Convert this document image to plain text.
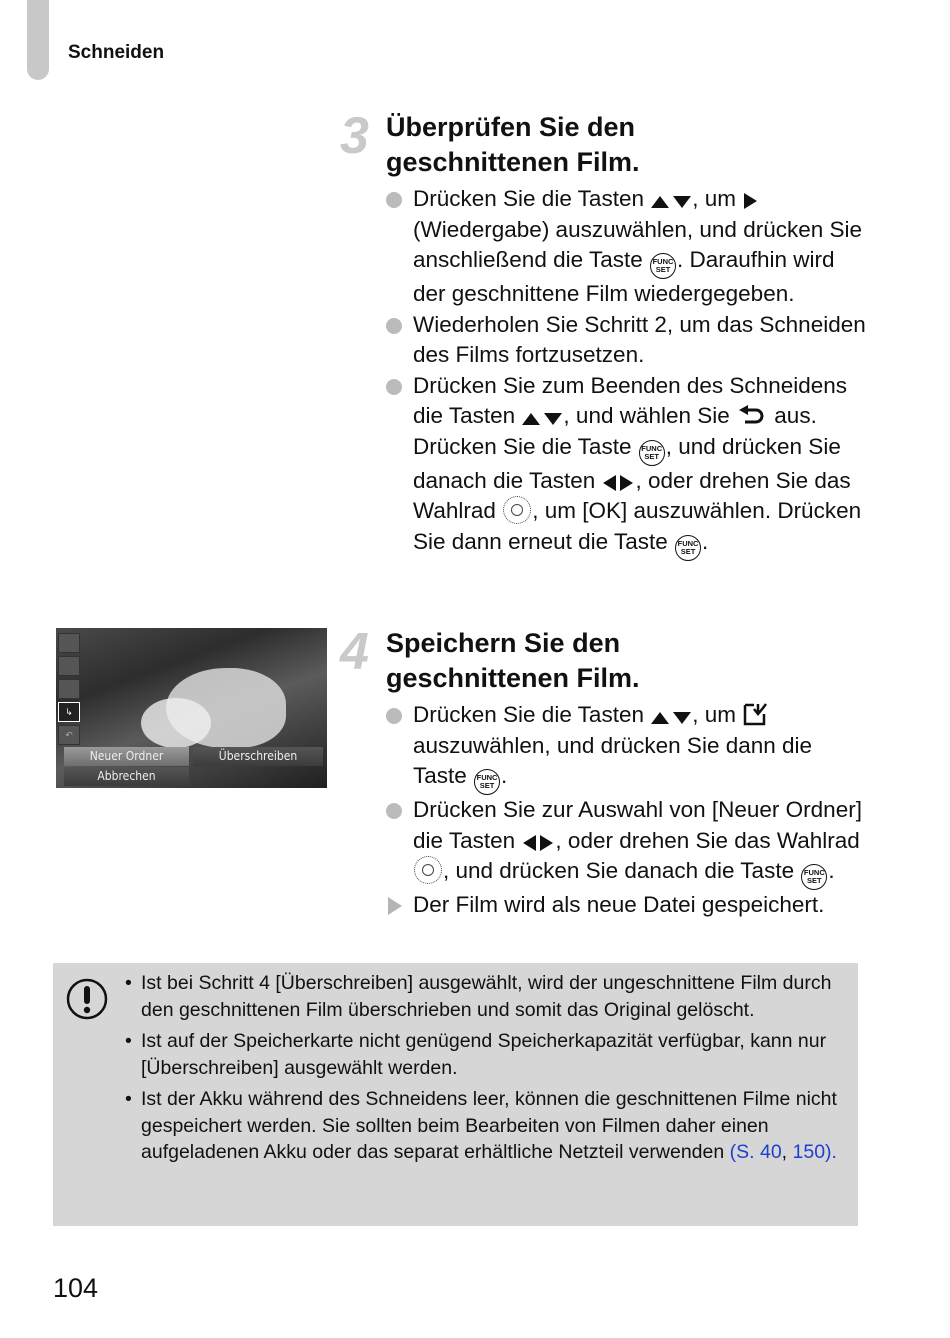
Schneiden
3 Überprüfen Sie den
geschnittenen Film.
Drücken Sie die Tasten , um (Wiedergabe) auszuwählen, und drücken Sie anschließend die Taste FUNC
SET . Daraufhin wird der geschnittene Film wiedergegeben.
Wiederholen Sie Schritt 2, um das Schneiden des Films fortzusetzen.
Drücken Sie zum Beenden des Schneidens die Tasten , und wählen Sie  aus. Drücken Sie die Taste FUNC
SET , und drücken Sie danach die Tasten , oder drehen Sie das Wahlrad , um [OK] auszuwählen. Drücken Sie dann erneut die Taste FUNC
SET .
↳
↶
Neuer Ordner	Überschreiben
Abbrechen
4 Speichern Sie den
geschnittenen Film.
Drücken Sie die Tasten , um  auszuwählen, und drücken Sie dann die Taste FUNC
SET .
Drücken Sie zur Auswahl von [Neuer Ordner] die Tasten , oder drehen Sie das Wahlrad , und drücken Sie danach die Taste FUNC
SET .
Der Film wird als neue Datei gespeichert.
• Ist bei Schritt 4 [Überschreiben] ausgewählt, wird der ungeschnittene Film durch den geschnittenen Film überschrieben und somit das Original gelöscht.
• Ist auf der Speicherkarte nicht genügend Speicherkapazität verfügbar, kann nur [Überschreiben] ausgewählt werden.
• Ist der Akku während des Schneidens leer, können die geschnittenen Filme nicht gespeichert werden. Sie sollten beim Bearbeiten von Filmen daher einen aufgeladenen Akku oder das separat erhältliche Netzteil verwenden (S. 40, 150).
104
